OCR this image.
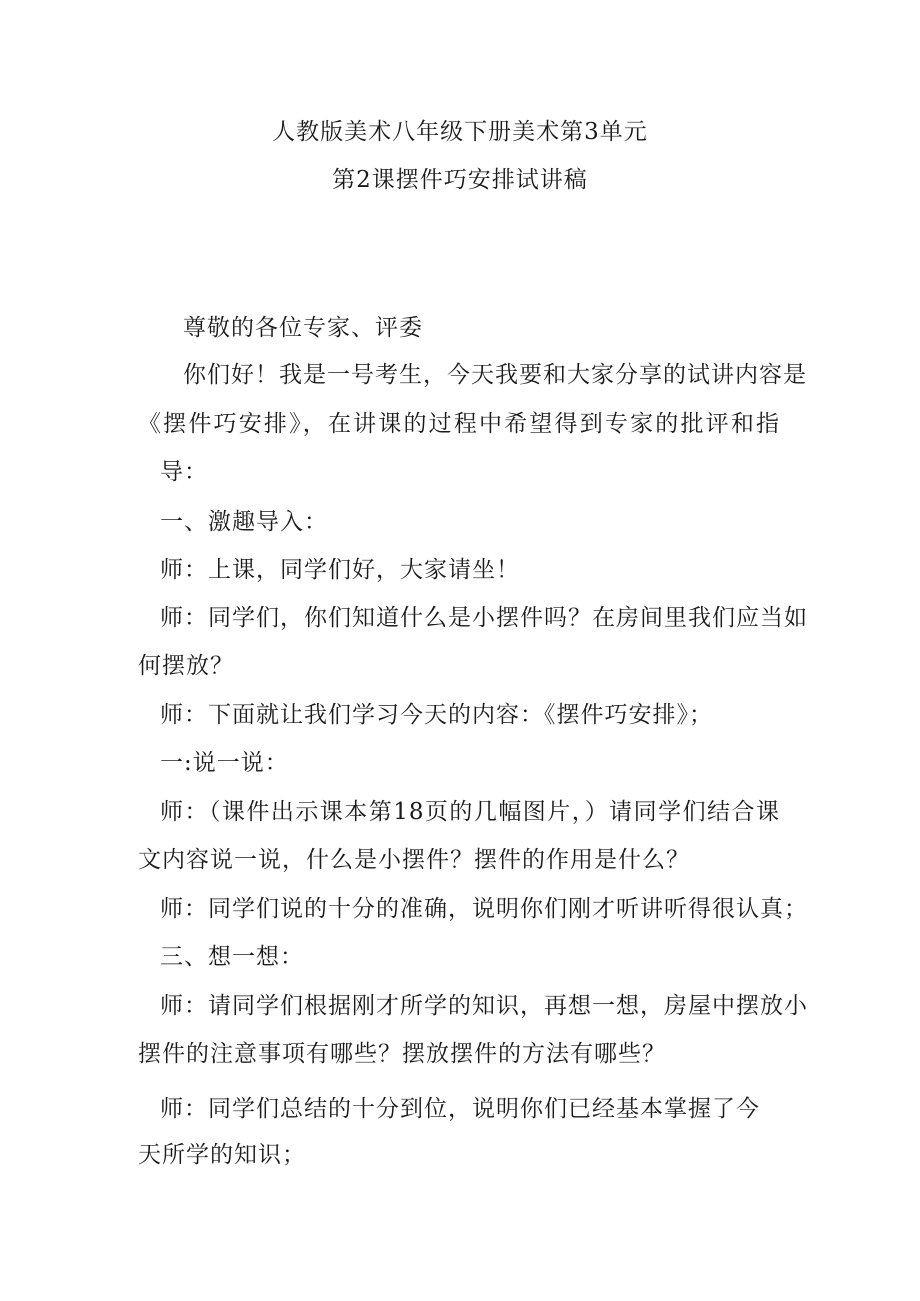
人教版美术八年级下册美术第3单元
第2课摆件巧安排试讲稿
尊敬的各位专家、评委
你们好！我是一号考生，今天我要和大家分享的试讲内容是
《摆件巧安排》，在讲课的过程中希望得到专家的批评和指
导：
一、激趣导入：
师：上课，同学们好，大家请坐！
师：同学们，你们知道什么是小摆件吗？在房间里我们应当如
何摆放？
师：下面就让我们学习今天的内容：《摆件巧安排》；
一:说一说：
师：（课件出示课本第18页的几幅图片，）请同学们结合课
文内容说一说，什么是小摆件？摆件的作用是什么？
师：同学们说的十分的准确，说明你们刚才听讲听得很认真；
三、想一想：
师：请同学们根据刚才所学的知识，再想一想，房屋中摆放小
摆件的注意事项有哪些？摆放摆件的方法有哪些？
师：同学们总结的十分到位，说明你们已经基本掌握了今
天所学的知识；
